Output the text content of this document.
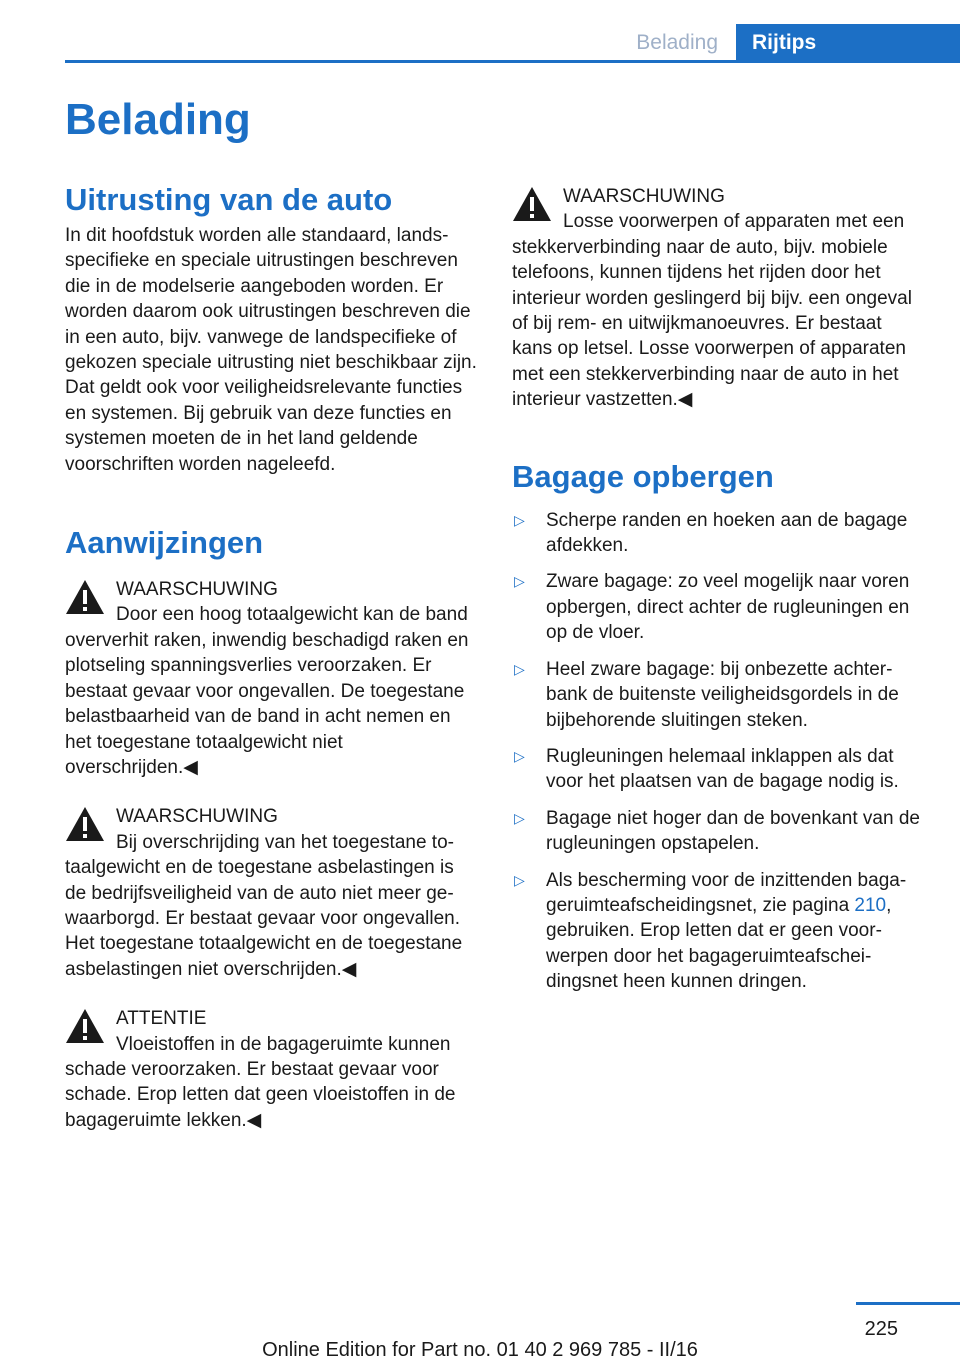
Belading	Rijtips
Belading
Uitrusting van de auto

In dit hoofdstuk worden alle standaard, landsspecifieke en speciale uitrustingen beschreven die in de modelserie aangeboden worden. Er worden daarom ook uitrustingen beschreven die in een auto, bijv. vanwege de landspecifieke of gekozen speciale uitrusting niet beschikbaar zijn. Dat geldt ook voor veiligheidsrelevante functies en systemen. Bij gebruik van deze functies en systemen moeten de in het land geldende voorschriften worden nageleefd.

Aanwijzingen
WAARSCHUWING
Door een hoog totaalgewicht kan de band oververhit raken, inwendig beschadigd raken en plotseling spanningsverlies veroorzaken. Er bestaat gevaar voor ongevallen. De toegestane belastbaarheid van de band in acht nemen en het toegestane totaalgewicht niet overschrijden.◀
WAARSCHUWING
Bij overschrijding van het toegestane totaalgewicht en de toegestane asbelastingen is de bedrijfsveiligheid van de auto niet meer gewaarborgd. Er bestaat gevaar voor ongevallen. Het toegestane totaalgewicht en de toegestane asbelastingen niet overschrijden.◀
ATTENTIE
Vloeistoffen in de bagageruimte kunnen schade veroorzaken. Er bestaat gevaar voor schade. Erop letten dat geen vloeistoffen in de bagageruimte lekken.◀
WAARSCHUWING
Losse voorwerpen of apparaten met een stekkerverbinding naar de auto, bijv. mobiele telefoons, kunnen tijdens het rijden door het interieur worden geslingerd bij bijv. een ongeval of bij rem- en uitwijkmanoeuvres. Er bestaat kans op letsel. Losse voorwerpen of apparaten met een stekkerverbinding naar de auto in het interieur vastzetten.◀
Bagage opbergen
▷ Scherpe randen en hoeken aan de bagage afdekken.
▷ Zware bagage: zo veel mogelijk naar voren opbergen, direct achter de rugleuningen en op de vloer.
▷ Heel zware bagage: bij onbezette achterbank de buitenste veiligheidsgordels in de bijbehorende sluitingen steken.
▷ Rugleuningen helemaal inklappen als dat voor het plaatsen van de bagage nodig is.
▷ Bagage niet hoger dan de bovenkant van de rugleuningen opstapelen.
▷ Als bescherming voor de inzittenden bagageruimteafscheidingsnet, zie pagina 210, gebruiken. Erop letten dat er geen voorwerpen door het bagageruimteafscheidingsnet heen kunnen dringen.
225
Online Edition for Part no. 01 40 2 969 785 - II/16
